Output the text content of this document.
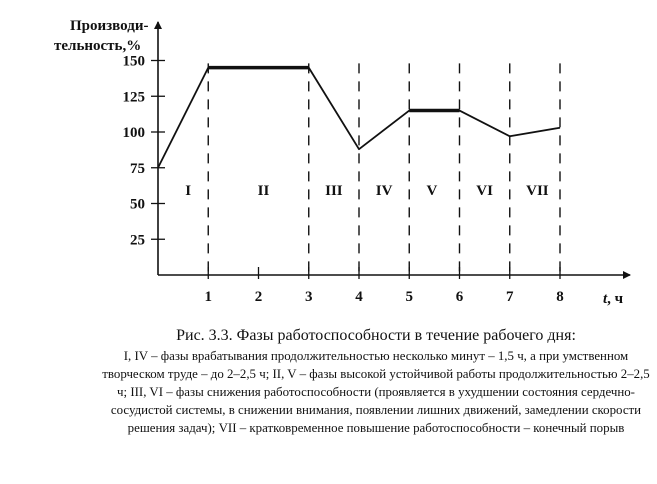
Производи-
тельность,%
t, ч
25
50
75
100
125
150
1	2	3	4	5	6	7	8
I	II	III IV V	VI VII
Рис. 3.3. Фазы работоспособности в течение рабочего дня:
I, IV – фазы врабатывания продолжительностью несколько минут – 1,5 ч, а при умственном творческом труде – до 2–2,5 ч; II, V – фазы высокой устойчивой работы продолжительностью 2–2,5 ч; III, VI – фазы снижения работоспособности (проявляется в ухудшении состояния сердечно-сосудистой системы, в снижении внимания, появлении лишних движений, замедлении скорости решения задач); VII – кратковременное повышение работоспособности – конечный порыв
